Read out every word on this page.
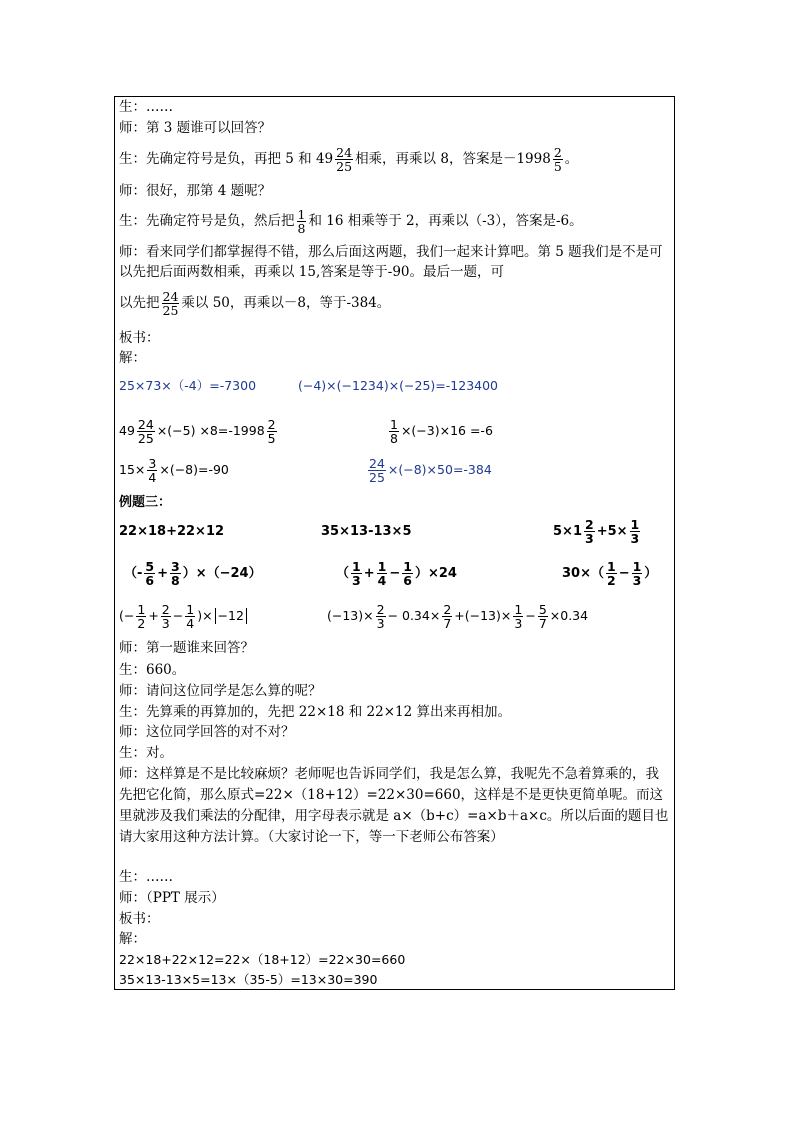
生：……
师：第 3 题谁可以回答？
生：先确定符号是负，再把 5 和 $49 \frac{24}{25}$ 相乘，再乘以 8，答案是$-1998 \frac{2}{5}$ 。
师：很好，那第 4 题呢？
生：先确定符号是负，然后把 $\frac{1}{8}$ 和 16 相乘等于 2，再乘以（-3），答案是-6。
师：看来同学们都掌握得不错，那么后面这两题，我们一起来计算吧。第 5 题我们是不是可以先把后面两数相乘，再乘以 15,答案是等于-90。最后一题，可
以先把 $\frac{24}{25}$ 乘以 50，再乘以－8，等于-384。
板书：
解：
25×73×（-4）=-7300	(−4)×(−1234)×(−25)=-123400
$49 \frac{24}{25} \times(-5) \times 8=-1998 \frac{2}{5}$	$\frac{1}{8} \times(-3)\times 16 =-6$
$15\times \frac{3}{4} \times(-8)=-90$	$\frac{24}{25} \times(-8)\times 50=-384$
例题三：
22×18+22×12	35×13-13×5	$5\times 1 \frac{2}{3} +5\times \frac{1}{3}$
（- $\frac{5}{6} + \frac{3}{8} )\times(-24)$	（ $\frac{1}{3} + \frac{1}{4} - \frac{1}{6} )\times 24$	$30\times( \frac{1}{2} - \frac{1}{3}$ ）
(− $\frac{1}{2} + \frac{2}{3} - \frac{1}{4}$ )× −12	$(-13)\times \frac{2}{3} - 0.34\times \frac{2}{7} +(-13)\times \frac{1}{3} - \frac{5}{7} \times 0.34$
师：第一题谁来回答？
生：660。
师：请问这位同学是怎么算的呢？
生：先算乘的再算加的，先把 22×18 和 22×12 算出来再相加。
师：这位同学回答的对不对？
生：对。
师：这样算是不是比较麻烦？老师呢也告诉同学们，我是怎么算，我呢先不急着算乘的，我先把它化简，那么原式=22×（18+12）=22×30=660，这样是不是更快更简单呢。而这里就涉及我们乘法的分配律，用字母表示就是 a×（b+c）=a×b＋a×c。所以后面的题目也请大家用这种方法计算。（大家讨论一下，等一下老师公布答案）
生：……
师：（PPT 展示）
板书：
解：
22×18+22×12=22×（18+12）=22×30=660
35×13-13×5=13×（35-5）=13×30=390
